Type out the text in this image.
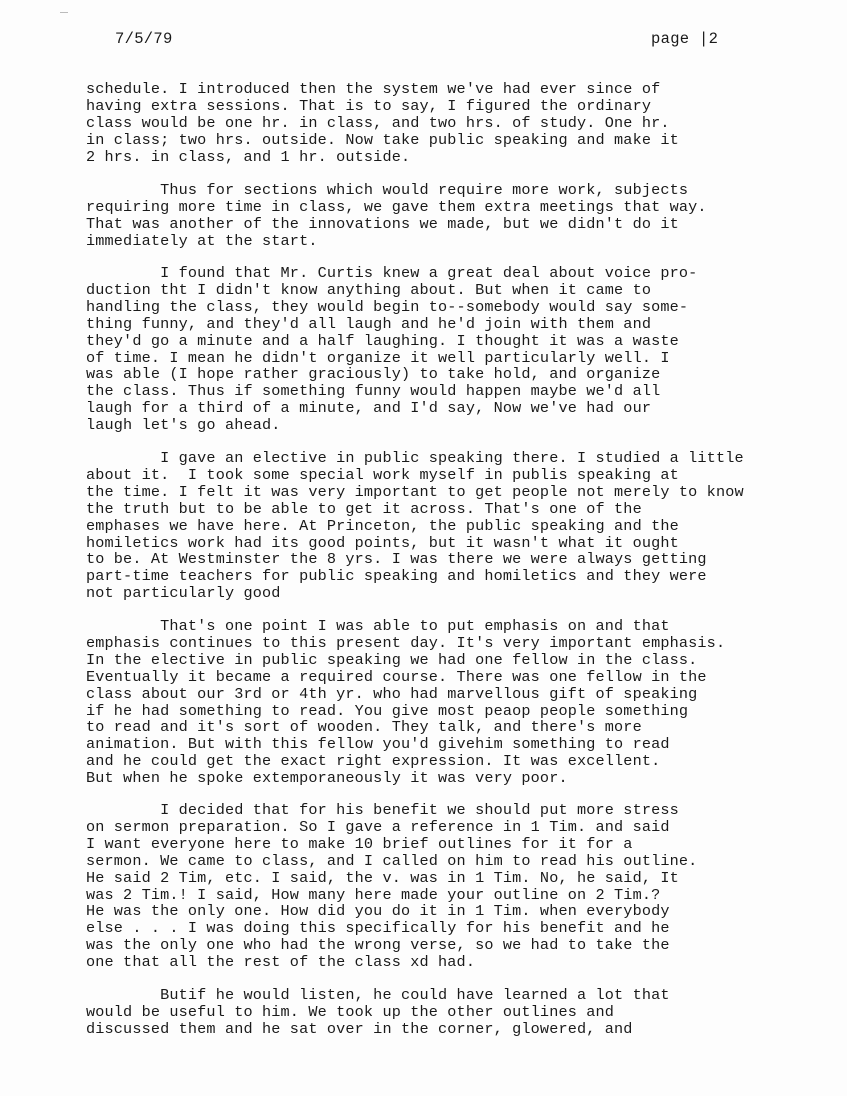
7/5/79	page |2

schedule. I introduced then the system we've had ever since of
having extra sessions. That is to say, I figured the ordinary
class would be one hr. in class, and two hrs. of study. One hr.
in class; two hrs. outside. Now take public speaking and make it
2 hrs. in class, and 1 hr. outside.

Thus for sections which would require more work, subjects
requiring more time in class, we gave them extra meetings that way.
That was another of the innovations we made, but we didn't do it
immediately at the start.

I found that Mr. Curtis knew a great deal about voice pro-
duction tht I didn't know anything about. But when it came to
handling the class, they would begin to--somebody would say some-
thing funny, and they'd all laugh and he'd join with them and
they'd go a minute and a half laughing. I thought it was a waste
of time. I mean he didn't organize it well particularly well. I
was able (I hope rather graciously) to take hold, and organize
the class. Thus if something funny would happen maybe we'd all
laugh for a third of a minute, and I'd say, Now we've had our
laugh let's go ahead.

I gave an elective in public speaking there. I studied a little
about it.  I took some special work myself in publis speaking at
the time. I felt it was very important to get people not merely to know
the truth but to be able to get it across. That's one of the
emphases we have here. At Princeton, the public speaking and the
homiletics work had its good points, but it wasn't what it ought
to be. At Westminster the 8 yrs. I was there we were always getting
part-time teachers for public speaking and homiletics and they were
not particularly good

That's one point I was able to put emphasis on and that
emphasis continues to this present day. It's very important emphasis.
In the elective in public speaking we had one fellow in the class.
Eventually it became a required course. There was one fellow in the
class about our 3rd or 4th yr. who had marvellous gift of speaking
if he had something to read. You give most peaop people something
to read and it's sort of wooden. They talk, and there's more
animation. But with this fellow you'd givehim something to read
and he could get the exact right expression. It was excellent.
But when he spoke extemporaneously it was very poor.

I decided that for his benefit we should put more stress
on sermon preparation. So I gave a reference in 1 Tim. and said
I want everyone here to make 10 brief outlines for it for a
sermon. We came to class, and I called on him to read his outline.
He said 2 Tim, etc. I said, the v. was in 1 Tim. No, he said, It
was 2 Tim.! I said, How many here made your outline on 2 Tim.?
He was the only one. How did you do it in 1 Tim. when everybody
else . . . I was doing this specifically for his benefit and he
was the only one who had the wrong verse, so we had to take the
one that all the rest of the class xd had.

Butif he would listen, he could have learned a lot that
would be useful to him. We took up the other outlines and
discussed them and he sat over in the corner, glowered, and
